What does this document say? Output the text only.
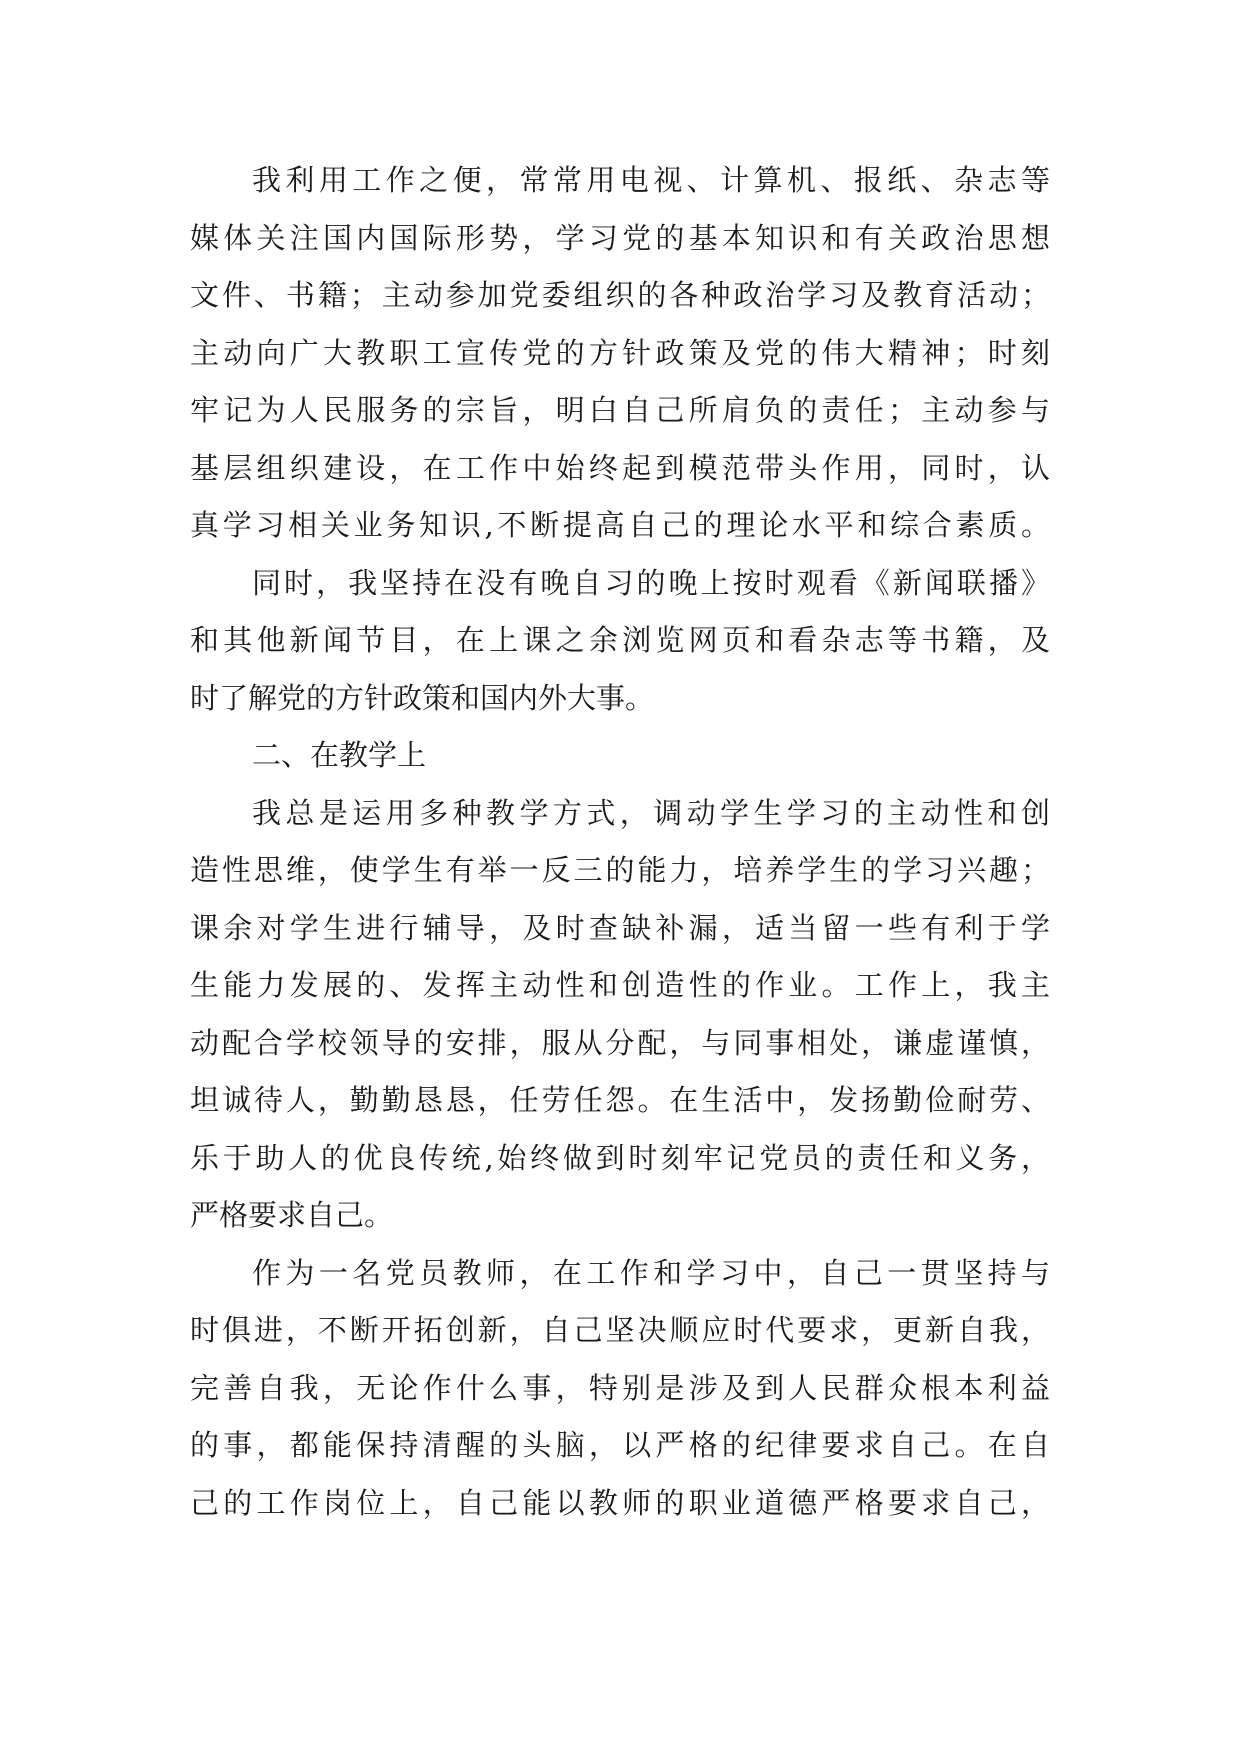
我利用工作之便，常常用电视、计算机、报纸、杂志等
媒体关注国内国际形势，学习党的基本知识和有关政治思想
文件、书籍；主动参加党委组织的各种政治学习及教育活动；
主动向广大教职工宣传党的方针政策及党的伟大精神；时刻
牢记为人民服务的宗旨，明白自己所肩负的责任；主动参与
基层组织建设，在工作中始终起到模范带头作用，同时，认
真学习相关业务知识,不断提高自己的理论水平和综合素质。
同时，我坚持在没有晚自习的晚上按时观看《新闻联播》
和其他新闻节目，在上课之余浏览网页和看杂志等书籍，及
时了解党的方针政策和国内外大事。
二、在教学上
我总是运用多种教学方式，调动学生学习的主动性和创
造性思维，使学生有举一反三的能力，培养学生的学习兴趣；
课余对学生进行辅导，及时查缺补漏，适当留一些有利于学
生能力发展的、发挥主动性和创造性的作业。工作上，我主
动配合学校领导的安排，服从分配，与同事相处，谦虚谨慎，
坦诚待人，勤勤恳恳，任劳任怨。在生活中，发扬勤俭耐劳、
乐于助人的优良传统,始终做到时刻牢记党员的责任和义务，
严格要求自己。
作为一名党员教师，在工作和学习中，自己一贯坚持与
时俱进，不断开拓创新，自己坚决顺应时代要求，更新自我，
完善自我，无论作什么事，特别是涉及到人民群众根本利益
的事，都能保持清醒的头脑，以严格的纪律要求自己。在自
己的工作岗位上，自己能以教师的职业道德严格要求自己，
